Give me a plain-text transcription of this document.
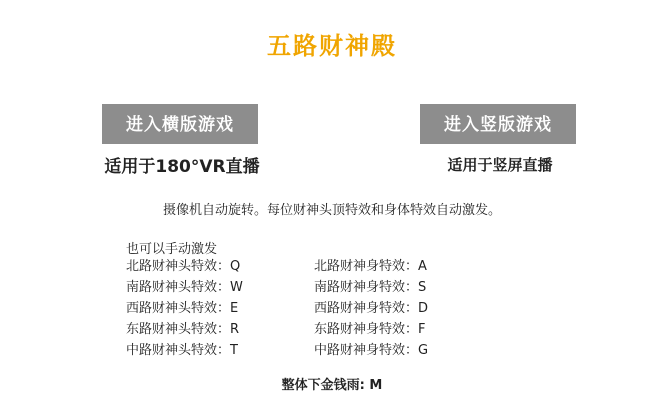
五路财神殿
进入横版游戏	进入竖版游戏
适用于180°VR直播	适用于竖屏直播
摄像机自动旋转。每位财神头顶特效和身体特效自动激发。
也可以手动激发
北路财神头特效：Q	北路财神身特效：A
南路财神头特效：W	南路财神身特效：S
西路财神头特效：E	西路财神身特效：D
东路财神头特效：R	东路财神身特效：F
中路财神头特效：T	中路财神身特效：G
整体下金钱雨: M
